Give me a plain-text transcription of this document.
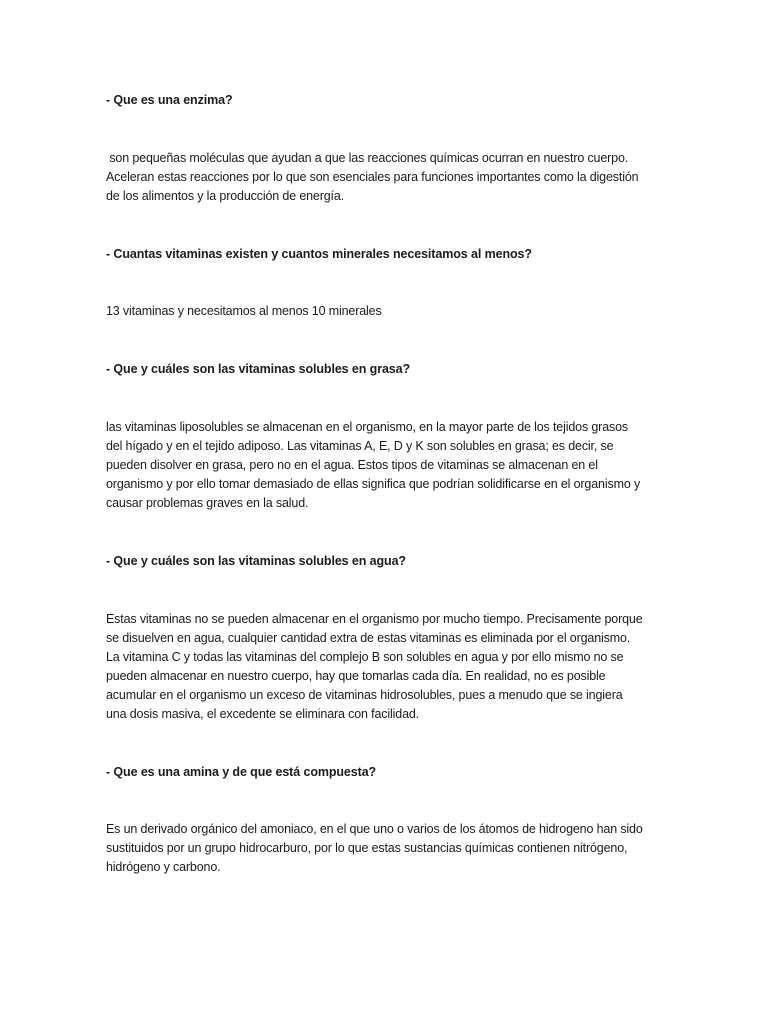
- Que es una enzima?
son pequeñas moléculas que ayudan a que las reacciones químicas ocurran en nuestro cuerpo.
Aceleran estas reacciones por lo que son esenciales para funciones importantes como la digestión
de los alimentos y la producción de energía.
- Cuantas vitaminas existen y cuantos minerales necesitamos al menos?
13 vitaminas y necesitamos al menos 10 minerales
- Que y cuáles son las vitaminas solubles en grasa?
las vitaminas liposolubles se almacenan en el organismo, en la mayor parte de los tejidos grasos
del hígado y en el tejido adiposo. Las vitaminas A, E, D y K son solubles en grasa; es decir, se
pueden disolver en grasa, pero no en el agua. Estos tipos de vitaminas se almacenan en el
organismo y por ello tomar demasiado de ellas significa que podrían solidificarse en el organismo y
causar problemas graves en la salud.
- Que y cuáles son las vitaminas solubles en agua?
Estas vitaminas no se pueden almacenar en el organismo por mucho tiempo. Precisamente porque
se disuelven en agua, cualquier cantidad extra de estas vitaminas es eliminada por el organismo.
La vitamina C y todas las vitaminas del complejo B son solubles en agua y por ello mismo no se
pueden almacenar en nuestro cuerpo, hay que tomarlas cada día. En realidad, no es posible
acumular en el organismo un exceso de vitaminas hidrosolubles, pues a menudo que se ingiera
una dosis masiva, el excedente se eliminara con facilidad.
- Que es una amina y de que está compuesta?
Es un derivado orgánico del amoniaco, en el que uno o varios de los átomos de hidrogeno han sido
sustituidos por un grupo hidrocarburo, por lo que estas sustancias químicas contienen nitrógeno,
hidrógeno y carbono.
